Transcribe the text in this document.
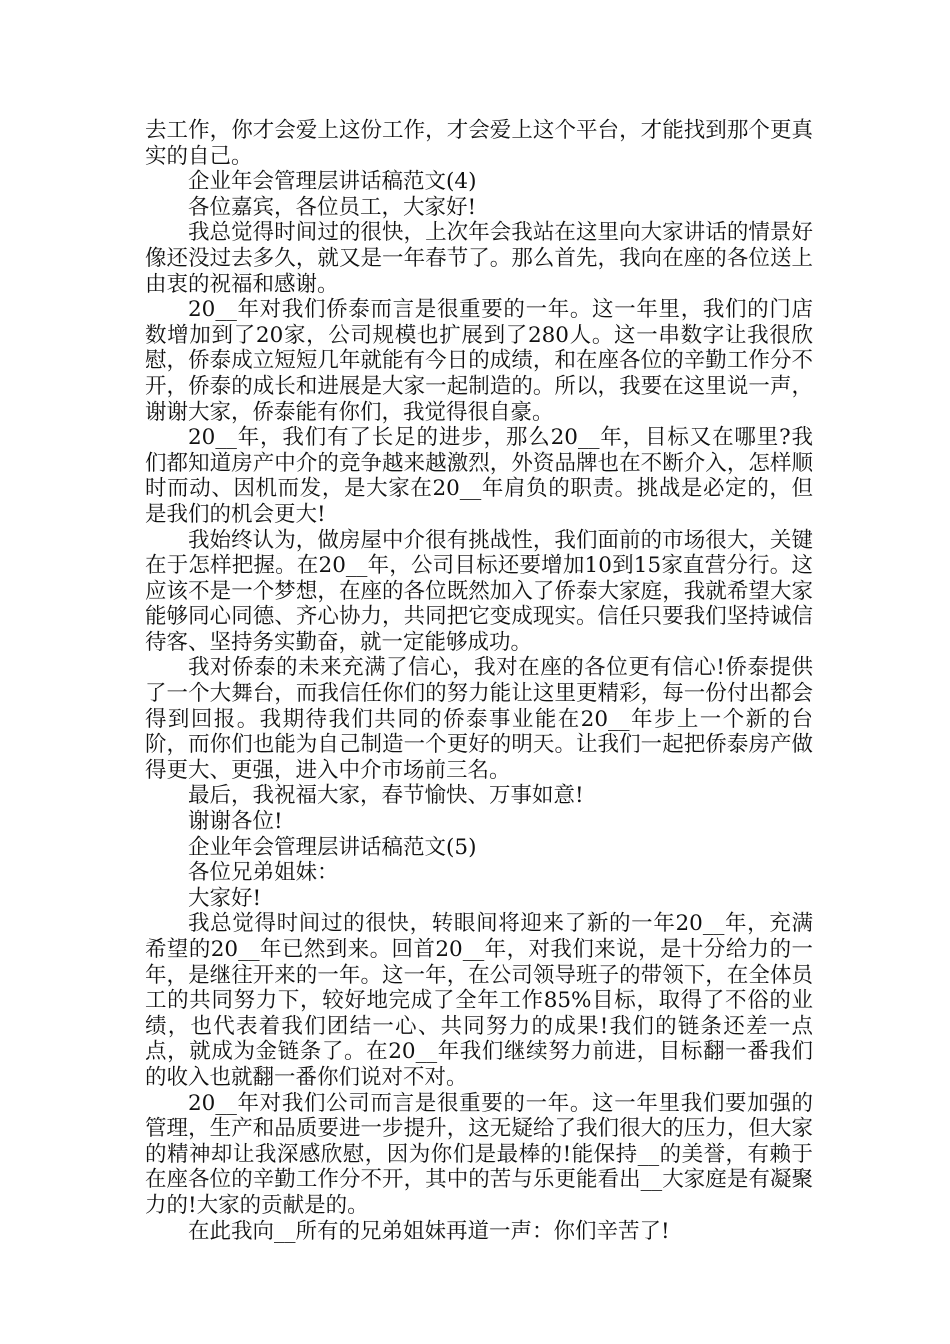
去工作，你才会爱上这份工作，才会爱上这个平台，才能找到那个更真实的自己。

企业年会管理层讲话稿范文(4)

各位嘉宾，各位员工，大家好!

我总觉得时间过的很快，上次年会我站在这里向大家讲话的情景好像还没过去多久，就又是一年春节了。那么首先，我向在座的各位送上由衷的祝福和感谢。

20__年对我们侨泰而言是很重要的一年。这一年里，我们的门店数增加到了20家，公司规模也扩展到了280人。这一串数字让我很欣慰，侨泰成立短短几年就能有今日的成绩，和在座各位的辛勤工作分不开，侨泰的成长和进展是大家一起制造的。所以，我要在这里说一声，谢谢大家，侨泰能有你们，我觉得很自豪。

20__年，我们有了长足的进步，那么20__年，目标又在哪里?我们都知道房产中介的竞争越来越激烈，外资品牌也在不断介入，怎样顺时而动、因机而发，是大家在20__年肩负的职责。挑战是必定的，但是我们的机会更大!

我始终认为，做房屋中介很有挑战性，我们面前的市场很大，关键在于怎样把握。在20__年，公司目标还要增加10到15家直营分行。这应该不是一个梦想，在座的各位既然加入了侨泰大家庭，我就希望大家能够同心同德、齐心协力，共同把它变成现实。信任只要我们坚持诚信待客、坚持务实勤奋，就一定能够成功。

我对侨泰的未来充满了信心，我对在座的各位更有信心!侨泰提供了一个大舞台，而我信任你们的努力能让这里更精彩，每一份付出都会得到回报。我期待我们共同的侨泰事业能在20__年步上一个新的台阶，而你们也能为自己制造一个更好的明天。让我们一起把侨泰房产做得更大、更强，进入中介市场前三名。

最后，我祝福大家，春节愉快、万事如意!

谢谢各位!

企业年会管理层讲话稿范文(5)

各位兄弟姐妹：

大家好!

我总觉得时间过的很快，转眼间将迎来了新的一年20__年，充满希望的20__年已然到来。回首20__年，对我们来说，是十分给力的一年，是继往开来的一年。这一年，在公司领导班子的带领下，在全体员工的共同努力下，较好地完成了全年工作85%目标，取得了不俗的业绩，也代表着我们团结一心、共同努力的成果!我们的链条还差一点点，就成为金链条了。在20__年我们继续努力前进，目标翻一番我们的收入也就翻一番你们说对不对。

20__年对我们公司而言是很重要的一年。这一年里我们要加强的管理，生产和品质要进一步提升，这无疑给了我们很大的压力，但大家的精神却让我深感欣慰，因为你们是最棒的!能保持__的美誉，有赖于在座各位的辛勤工作分不开，其中的苦与乐更能看出__大家庭是有凝聚力的!大家的贡献是的。

在此我向__所有的兄弟姐妹再道一声：你们辛苦了!
